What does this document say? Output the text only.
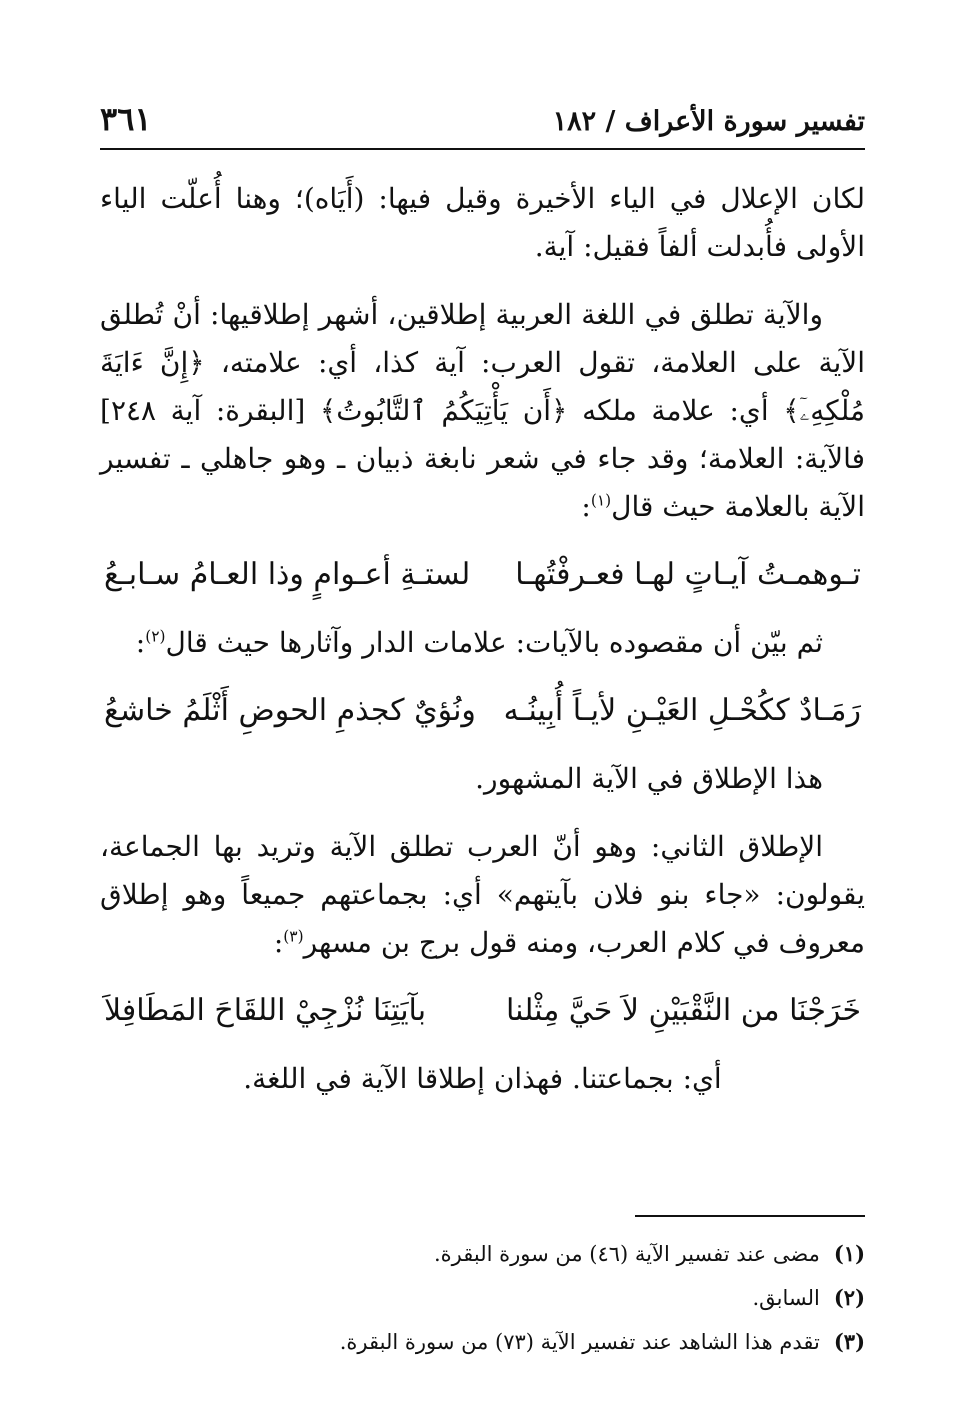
تفسير سورة الأعراف / ١٨٢
٣٦١

لكان الإعلال في الياء الأخيرة وقيل فيها: (أَيَاه)؛ وهنا أُعلّت الياء الأولى فأُبدلت ألفاً فقيل: آية.

والآية تطلق في اللغة العربية إطلاقين، أشهر إطلاقيها: أنْ تُطلق الآية على العلامة، تقول العرب: آية كذا، أي: علامته، ﴿إِنَّ ءَايَةَ مُلْكِهِۦٓ﴾ أي: علامة ملكه ﴿أَن يَأْتِيَكُمُ ٱلتَّابُوتُ﴾ [البقرة: آية ٢٤٨] فالآية: العلامة؛ وقد جاء في شعر نابغة ذبيان ـ وهو جاهلي ـ تفسير الآية بالعلامة حيث قال$^{(١)}$:

تـوهمـتُ آيـاتٍ لهـا فعـرفْتُهـا
لستـةِ أعـوامٍ وذا العـامُ سـابـعُ

ثم بيّن أن مقصوده بالآيات: علامات الدار وآثارها حيث قال$^{(٢)}$:

رَمَـادٌ ككُحْـلِ العَيْـنِ لأيـاً أُبِينُـه
ونُؤيٌ كجذمِ الحوضِ أَثْلَمُ خاشعُ

هذا الإطلاق في الآية المشهور.

الإطلاق الثاني: وهو أنّ العرب تطلق الآية وتريد بها الجماعة، يقولون: «جاء بنو فلان بآيتهم» أي: بجماعتهم جميعاً وهو إطلاق معروف في كلام العرب، ومنه قول برج بن مسهر$^{(٣)}$:

خَرَجْنَا من النَّقْبَيْنِ لاَ حَيَّ مِثْلنا
بآيَتِنَا نُزْجِيْ اللقَاحَ المَطَافِلاَ

أي: بجماعتنا. فهذان إطلاقا الآية في اللغة.

(١)مضى عند تفسير الآية (٤٦) من سورة البقرة.

(٢)السابق.

(٣)تقدم هذا الشاهد عند تفسير الآية (٧٣) من سورة البقرة.
